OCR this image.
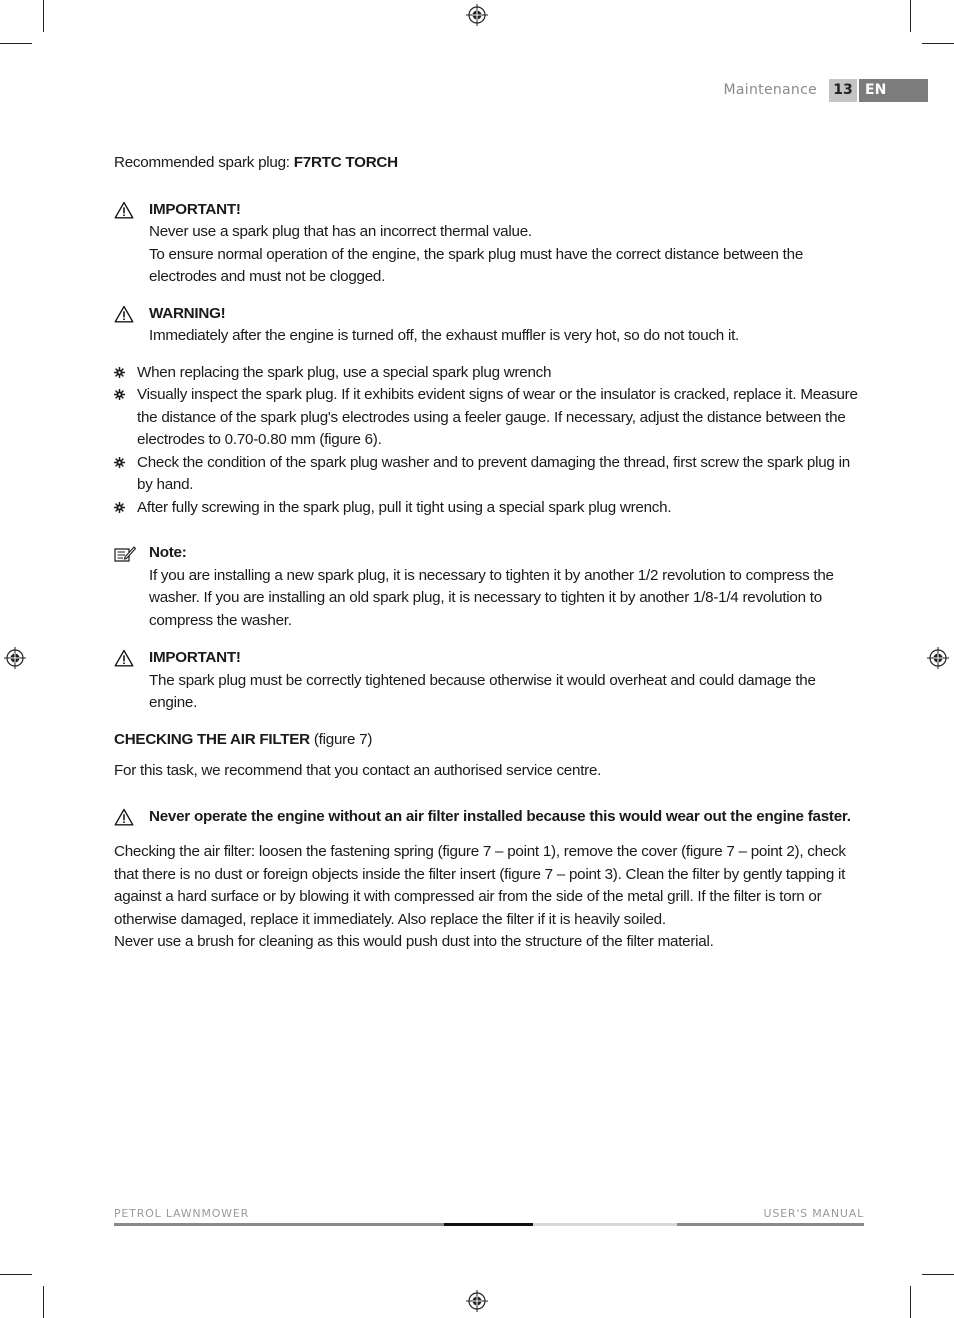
Maintenance	13 EN

Recommended spark plug: F7RTC TORCH

IMPORTANT!

Never use a spark plug that has an incorrect thermal value.

To ensure normal operation of the engine, the spark plug must have the correct distance between the electrodes and must not be clogged.

WARNING!

Immediately after the engine is turned off, the exhaust muffler is very hot, so do not touch it.

When replacing the spark plug, use a special spark plug wrench
Visually inspect the spark plug. If it exhibits evident signs of wear or the insulator is cracked, replace it. Measure the distance of the spark plug's electrodes using a feeler gauge. If necessary, adjust the distance between the electrodes to 0.70-0.80 mm (figure 6).
Check the condition of the spark plug washer and to prevent damaging the thread, first screw the spark plug in by hand.
After fully screwing in the spark plug, pull it tight using a special spark plug wrench.

Note:

If you are installing a new spark plug, it is necessary to tighten it by another 1/2 revolution to compress the washer. If you are installing an old spark plug, it is necessary to tighten it by another 1/8-1/4 revolution to compress the washer.

IMPORTANT!

The spark plug must be correctly tightened because otherwise it would overheat and could damage the engine.

CHECKING THE AIR FILTER (figure 7)

For this task, we recommend that you contact an authorised service centre.

Never operate the engine without an air filter installed because this would wear out the engine faster.

Checking the air filter: loosen the fastening spring (figure 7 – point 1), remove the cover (figure 7 – point 2), check that there is no dust or foreign objects inside the filter insert (figure 7 – point 3). Clean the filter by gently tapping it against a hard surface or by blowing it with compressed air from the side of the metal grill. If the filter is torn or otherwise damaged, replace it immediately. Also replace the filter if it is heavily soiled.

Never use a brush for cleaning as this would push dust into the structure of the filter material.

PETROL LAWNMOWER	USER'S MANUAL
